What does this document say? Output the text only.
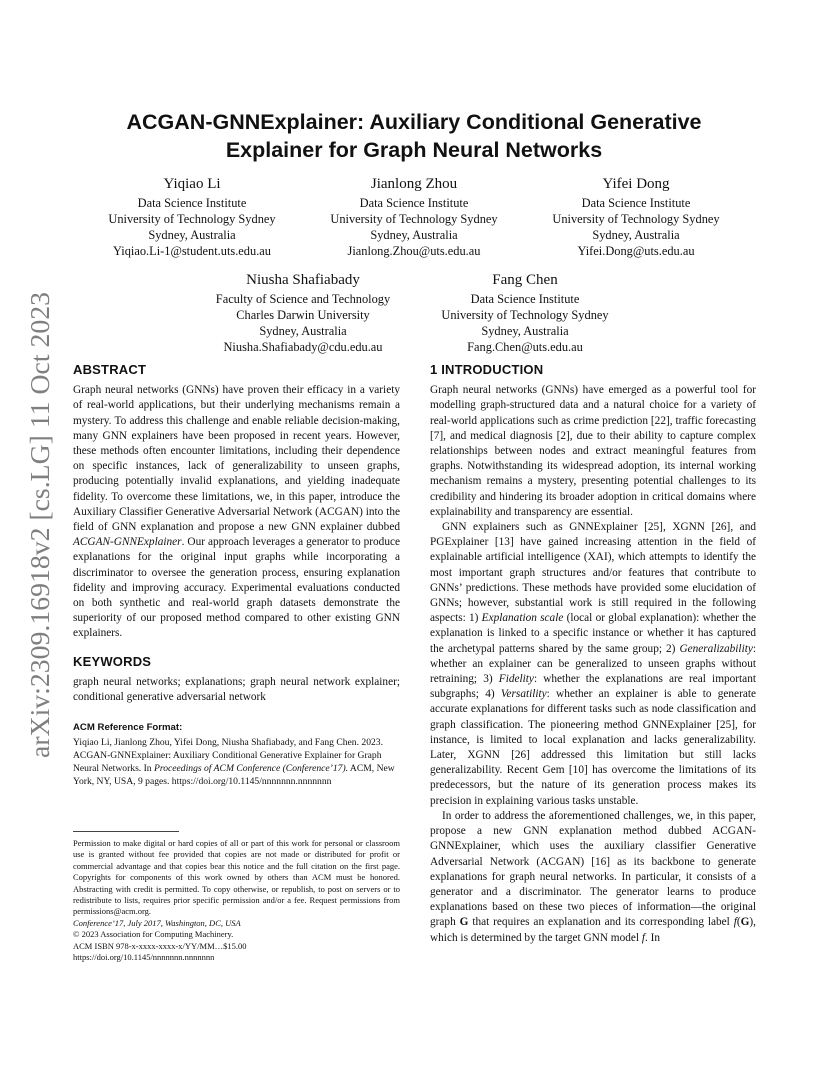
arXiv:2309.16918v2 [cs.LG] 11 Oct 2023
ACGAN-GNNExplainer: Auxiliary Conditional Generative
Explainer for Graph Neural Networks
Yiqiao Li
Data Science Institute
University of Technology Sydney
Sydney, Australia
Yiqiao.Li-1@student.uts.edu.au
Jianlong Zhou
Data Science Institute
University of Technology Sydney
Sydney, Australia
Jianlong.Zhou@uts.edu.au
Yifei Dong
Data Science Institute
University of Technology Sydney
Sydney, Australia
Yifei.Dong@uts.edu.au
Niusha Shafiabady
Faculty of Science and Technology
Charles Darwin University
Sydney, Australia
Niusha.Shafiabady@cdu.edu.au
Fang Chen
Data Science Institute
University of Technology Sydney
Sydney, Australia
Fang.Chen@uts.edu.au
ABSTRACT

Graph neural networks (GNNs) have proven their efficacy in a variety of real-world applications, but their underlying mechanisms remain a mystery. To address this challenge and enable reliable decision-making, many GNN explainers have been proposed in recent years. However, these methods often encounter limitations, including their dependence on specific instances, lack of generalizability to unseen graphs, producing potentially invalid explanations, and yielding inadequate fidelity. To overcome these limitations, we, in this paper, introduce the Auxiliary Classifier Generative Adversarial Network (ACGAN) into the field of GNN explanation and propose a new GNN explainer dubbed ACGAN-GNNExplainer. Our approach leverages a generator to produce explanations for the original input graphs while incorporating a discriminator to oversee the generation process, ensuring explanation fidelity and improving accuracy. Experimental evaluations conducted on both synthetic and real-world graph datasets demonstrate the superiority of our proposed method compared to other existing GNN explainers.

KEYWORDS

graph neural networks; explanations; graph neural network explainer; conditional generative adversarial network

ACM Reference Format:
Yiqiao Li, Jianlong Zhou, Yifei Dong, Niusha Shafiabady, and Fang Chen. 2023. ACGAN-GNNExplainer: Auxiliary Conditional Generative Explainer for Graph Neural Networks. In Proceedings of ACM Conference (Conference’17). ACM, New York, NY, USA, 9 pages. https://doi.org/10.1145/nnnnnnn.nnnnnnn
Permission to make digital or hard copies of all or part of this work for personal or classroom use is granted without fee provided that copies are not made or distributed for profit or commercial advantage and that copies bear this notice and the full citation on the first page. Copyrights for components of this work owned by others than ACM must be honored. Abstracting with credit is permitted. To copy otherwise, or republish, to post on servers or to redistribute to lists, requires prior specific permission and/or a fee. Request permissions from permissions@acm.org.
Conference’17, July 2017, Washington, DC, USA
© 2023 Association for Computing Machinery.
ACM ISBN 978-x-xxxx-xxxx-x/YY/MM…$15.00
https://doi.org/10.1145/nnnnnnn.nnnnnnn
1 INTRODUCTION

Graph neural networks (GNNs) have emerged as a powerful tool for modelling graph-structured data and a natural choice for a variety of real-world applications such as crime prediction [22], traffic forecasting [7], and medical diagnosis [2], due to their ability to capture complex relationships between nodes and extract meaningful features from graphs. Notwithstanding its widespread adoption, its internal working mechanism remains a mystery, presenting potential challenges to its credibility and hindering its broader adoption in critical domains where explainability and transparency are essential.

GNN explainers such as GNNExplainer [25], XGNN [26], and PGExplainer [13] have gained increasing attention in the field of explainable artificial intelligence (XAI), which attempts to identify the most important graph structures and/or features that contribute to GNNs’ predictions. These methods have provided some elucidation of GNNs; however, substantial work is still required in the following aspects: 1) Explanation scale (local or global explanation): whether the explanation is linked to a specific instance or whether it has captured the archetypal patterns shared by the same group; 2) Generalizability: whether an explainer can be generalized to unseen graphs without retraining; 3) Fidelity: whether the explanations are real important subgraphs; 4) Versatility: whether an explainer is able to generate accurate explanations for different tasks such as node classification and graph classification. The pioneering method GNNExplainer [25], for instance, is limited to local explanation and lacks generalizability. Later, XGNN [26] addressed this limitation but still lacks generalizability. Recent Gem [10] has overcome the limitations of its predecessors, but the nature of its generation process makes its precision in explaining various tasks unstable.

In order to address the aforementioned challenges, we, in this paper, propose a new GNN explanation method dubbed ACGAN-GNNExplainer, which uses the auxiliary classifier Generative Adversarial Network (ACGAN) [16] as its backbone to generate explanations for graph neural networks. In particular, it consists of a generator and a discriminator. The generator learns to produce explanations based on these two pieces of information—the original graph G that requires an explanation and its corresponding label f(G), which is determined by the target GNN model f. In
